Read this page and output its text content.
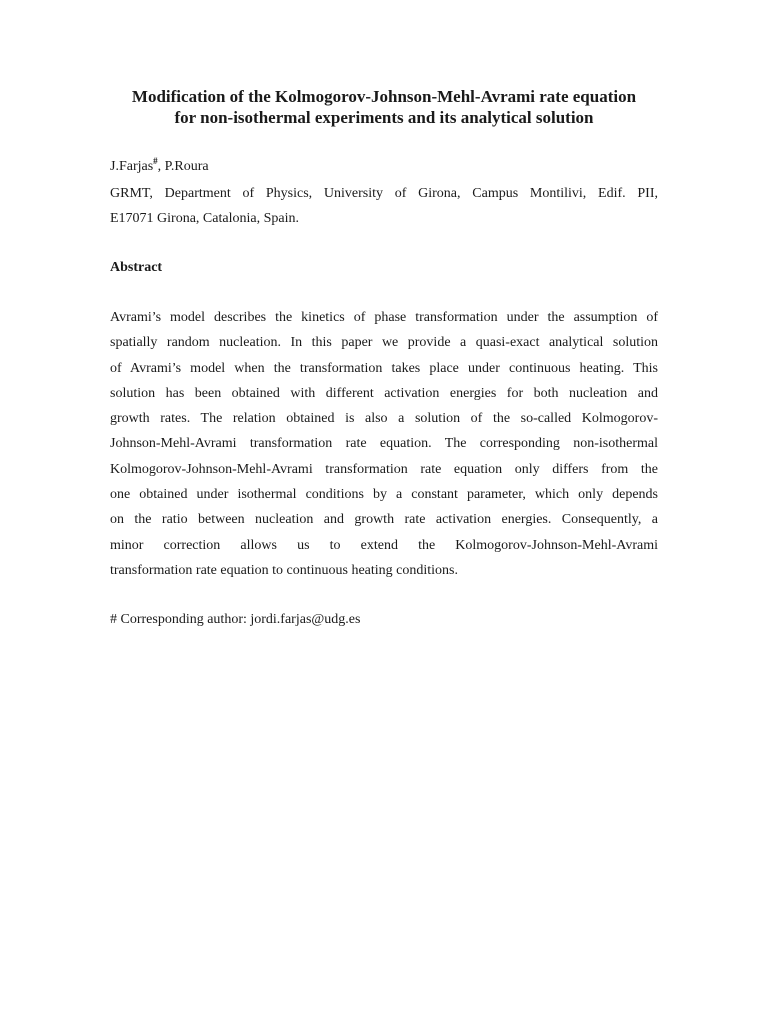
Modification of the Kolmogorov-Johnson-Mehl-Avrami rate equation
for non-isothermal experiments and its analytical solution

J.Farjas#, P.Roura

GRMT, Department of Physics, University of Girona, Campus Montilivi, Edif. PII,
E17071 Girona, Catalonia, Spain.

Abstract

Avrami’s model describes the kinetics of phase transformation under the assumption of
spatially random nucleation. In this paper we provide a quasi-exact analytical solution
of Avrami’s model when the transformation takes place under continuous heating. This
solution has been obtained with different activation energies for both nucleation and
growth rates. The relation obtained is also a solution of the so-called Kolmogorov-
Johnson-Mehl-Avrami transformation rate equation. The corresponding non-isothermal
Kolmogorov-Johnson-Mehl-Avrami transformation rate equation only differs from the
one obtained under isothermal conditions by a constant parameter, which only depends
on the ratio between nucleation and growth rate activation energies. Consequently, a
minor correction allows us to extend the Kolmogorov-Johnson-Mehl-Avrami
transformation rate equation to continuous heating conditions.

# Corresponding author: jordi.farjas@udg.es
